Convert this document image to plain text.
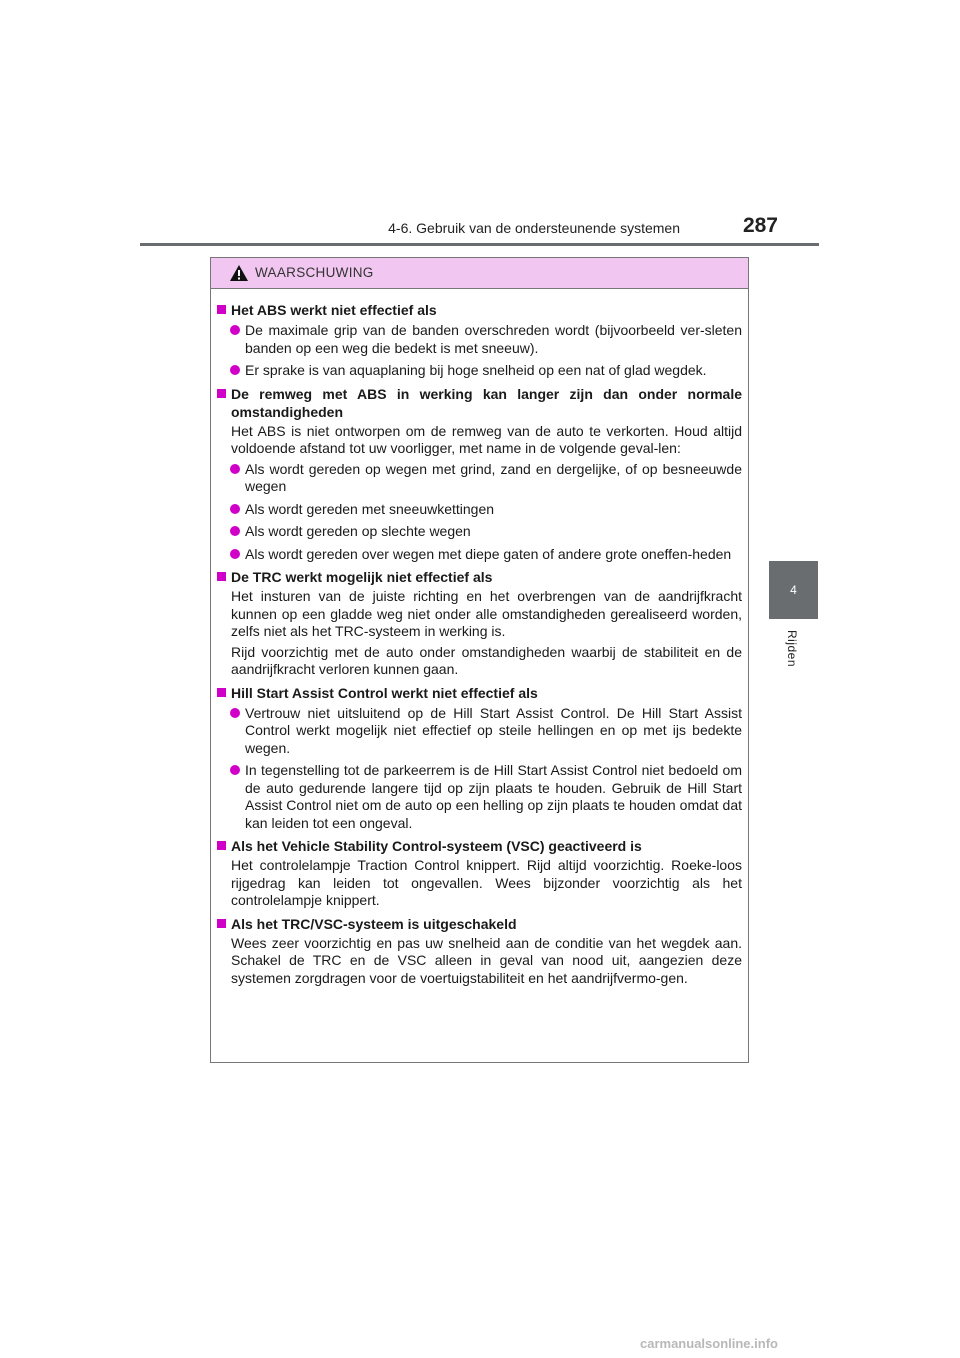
4-6. Gebruik van de ondersteunende systemen	287
4
Rijden
WAARSCHUWING
Het ABS werkt niet effectief als
De maximale grip van de banden overschreden wordt (bijvoorbeeld ver-sleten banden op een weg die bedekt is met sneeuw).
Er sprake is van aquaplaning bij hoge snelheid op een nat of glad wegdek.
De remweg met ABS in werking kan langer zijn dan onder normale omstandigheden
Het ABS is niet ontworpen om de remweg van de auto te verkorten. Houd altijd voldoende afstand tot uw voorligger, met name in de volgende geval-len:
Als wordt gereden op wegen met grind, zand en dergelijke, of op besneeuwde wegen
Als wordt gereden met sneeuwkettingen
Als wordt gereden op slechte wegen
Als wordt gereden over wegen met diepe gaten of andere grote oneffen-heden
De TRC werkt mogelijk niet effectief als
Het insturen van de juiste richting en het overbrengen van de aandrijfkracht kunnen op een gladde weg niet onder alle omstandigheden gerealiseerd worden, zelfs niet als het TRC-systeem in werking is.
Rijd voorzichtig met de auto onder omstandigheden waarbij de stabiliteit en de aandrijfkracht verloren kunnen gaan.
Hill Start Assist Control werkt niet effectief als
Vertrouw niet uitsluitend op de Hill Start Assist Control. De Hill Start Assist Control werkt mogelijk niet effectief op steile hellingen en op met ijs bedekte wegen.
In tegenstelling tot de parkeerrem is de Hill Start Assist Control niet bedoeld om de auto gedurende langere tijd op zijn plaats te houden. Gebruik de Hill Start Assist Control niet om de auto op een helling op zijn plaats te houden omdat dat kan leiden tot een ongeval.
Als het Vehicle Stability Control-systeem (VSC) geactiveerd is
Het controlelampje Traction Control knippert. Rijd altijd voorzichtig. Roeke-loos rijgedrag kan leiden tot ongevallen. Wees bijzonder voorzichtig als het controlelampje knippert.
Als het TRC/VSC-systeem is uitgeschakeld
Wees zeer voorzichtig en pas uw snelheid aan de conditie van het wegdek aan. Schakel de TRC en de VSC alleen in geval van nood uit, aangezien deze systemen zorgdragen voor de voertuigstabiliteit en het aandrijfvermo-gen.
carmanualsonline.info
